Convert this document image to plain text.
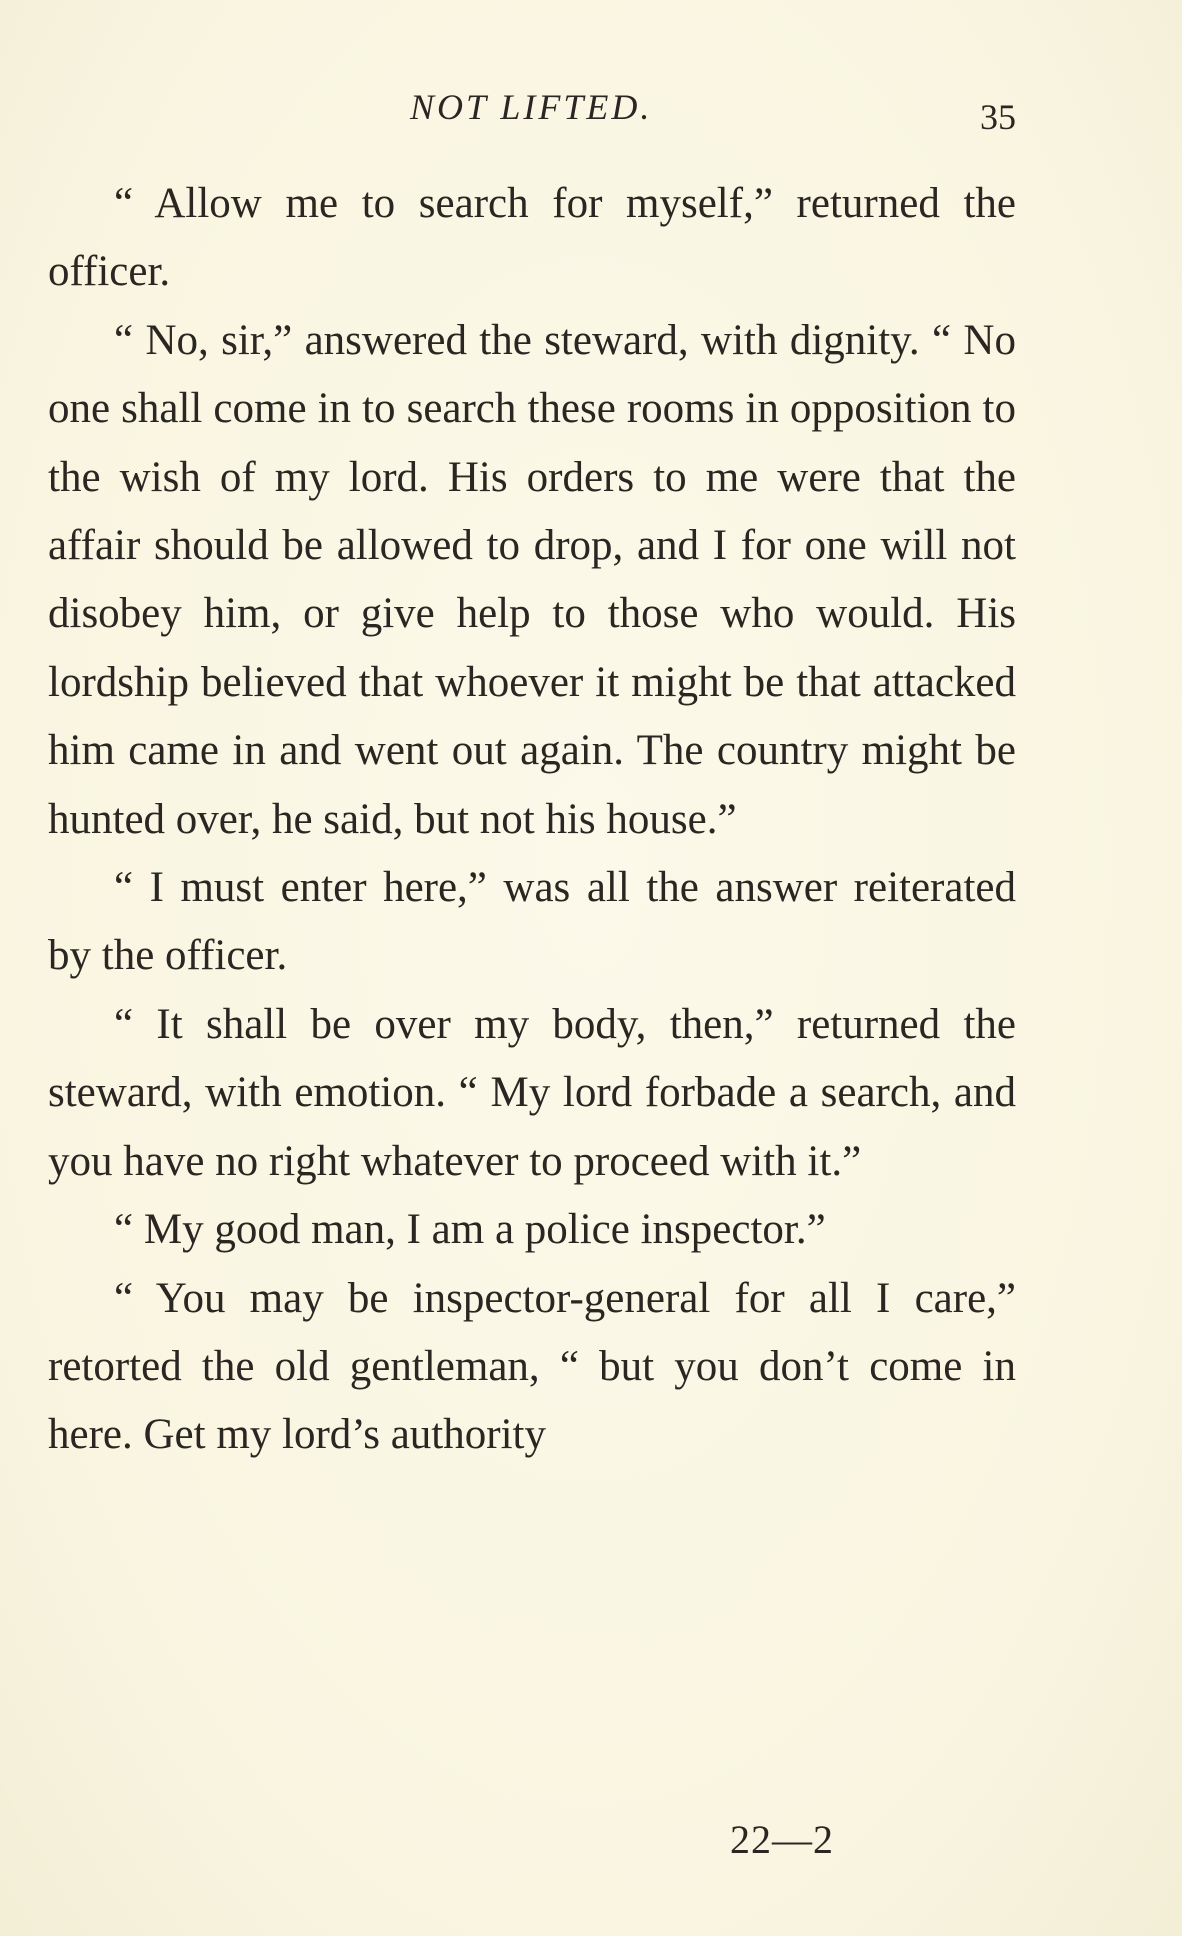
NOT LIFTED.	35

“ Allow me to search for myself,” returned the officer.

“ No, sir,” answered the steward, with dignity. “ No one shall come in to search these rooms in opposition to the wish of my lord. His orders to me were that the affair should be allowed to drop, and I for one will not disobey him, or give help to those who would. His lordship believed that whoever it might be that attacked him came in and went out again. The country might be hunted over, he said, but not his house.”

“ I must enter here,” was all the answer reiterated by the officer.

“ It shall be over my body, then,” returned the steward, with emotion. “ My lord forbade a search, and you have no right whatever to proceed with it.”

“ My good man, I am a police inspector.”

“ You may be inspector-general for all I care,” retorted the old gentleman, “ but you don’t come in here. Get my lord’s authority

22—2
